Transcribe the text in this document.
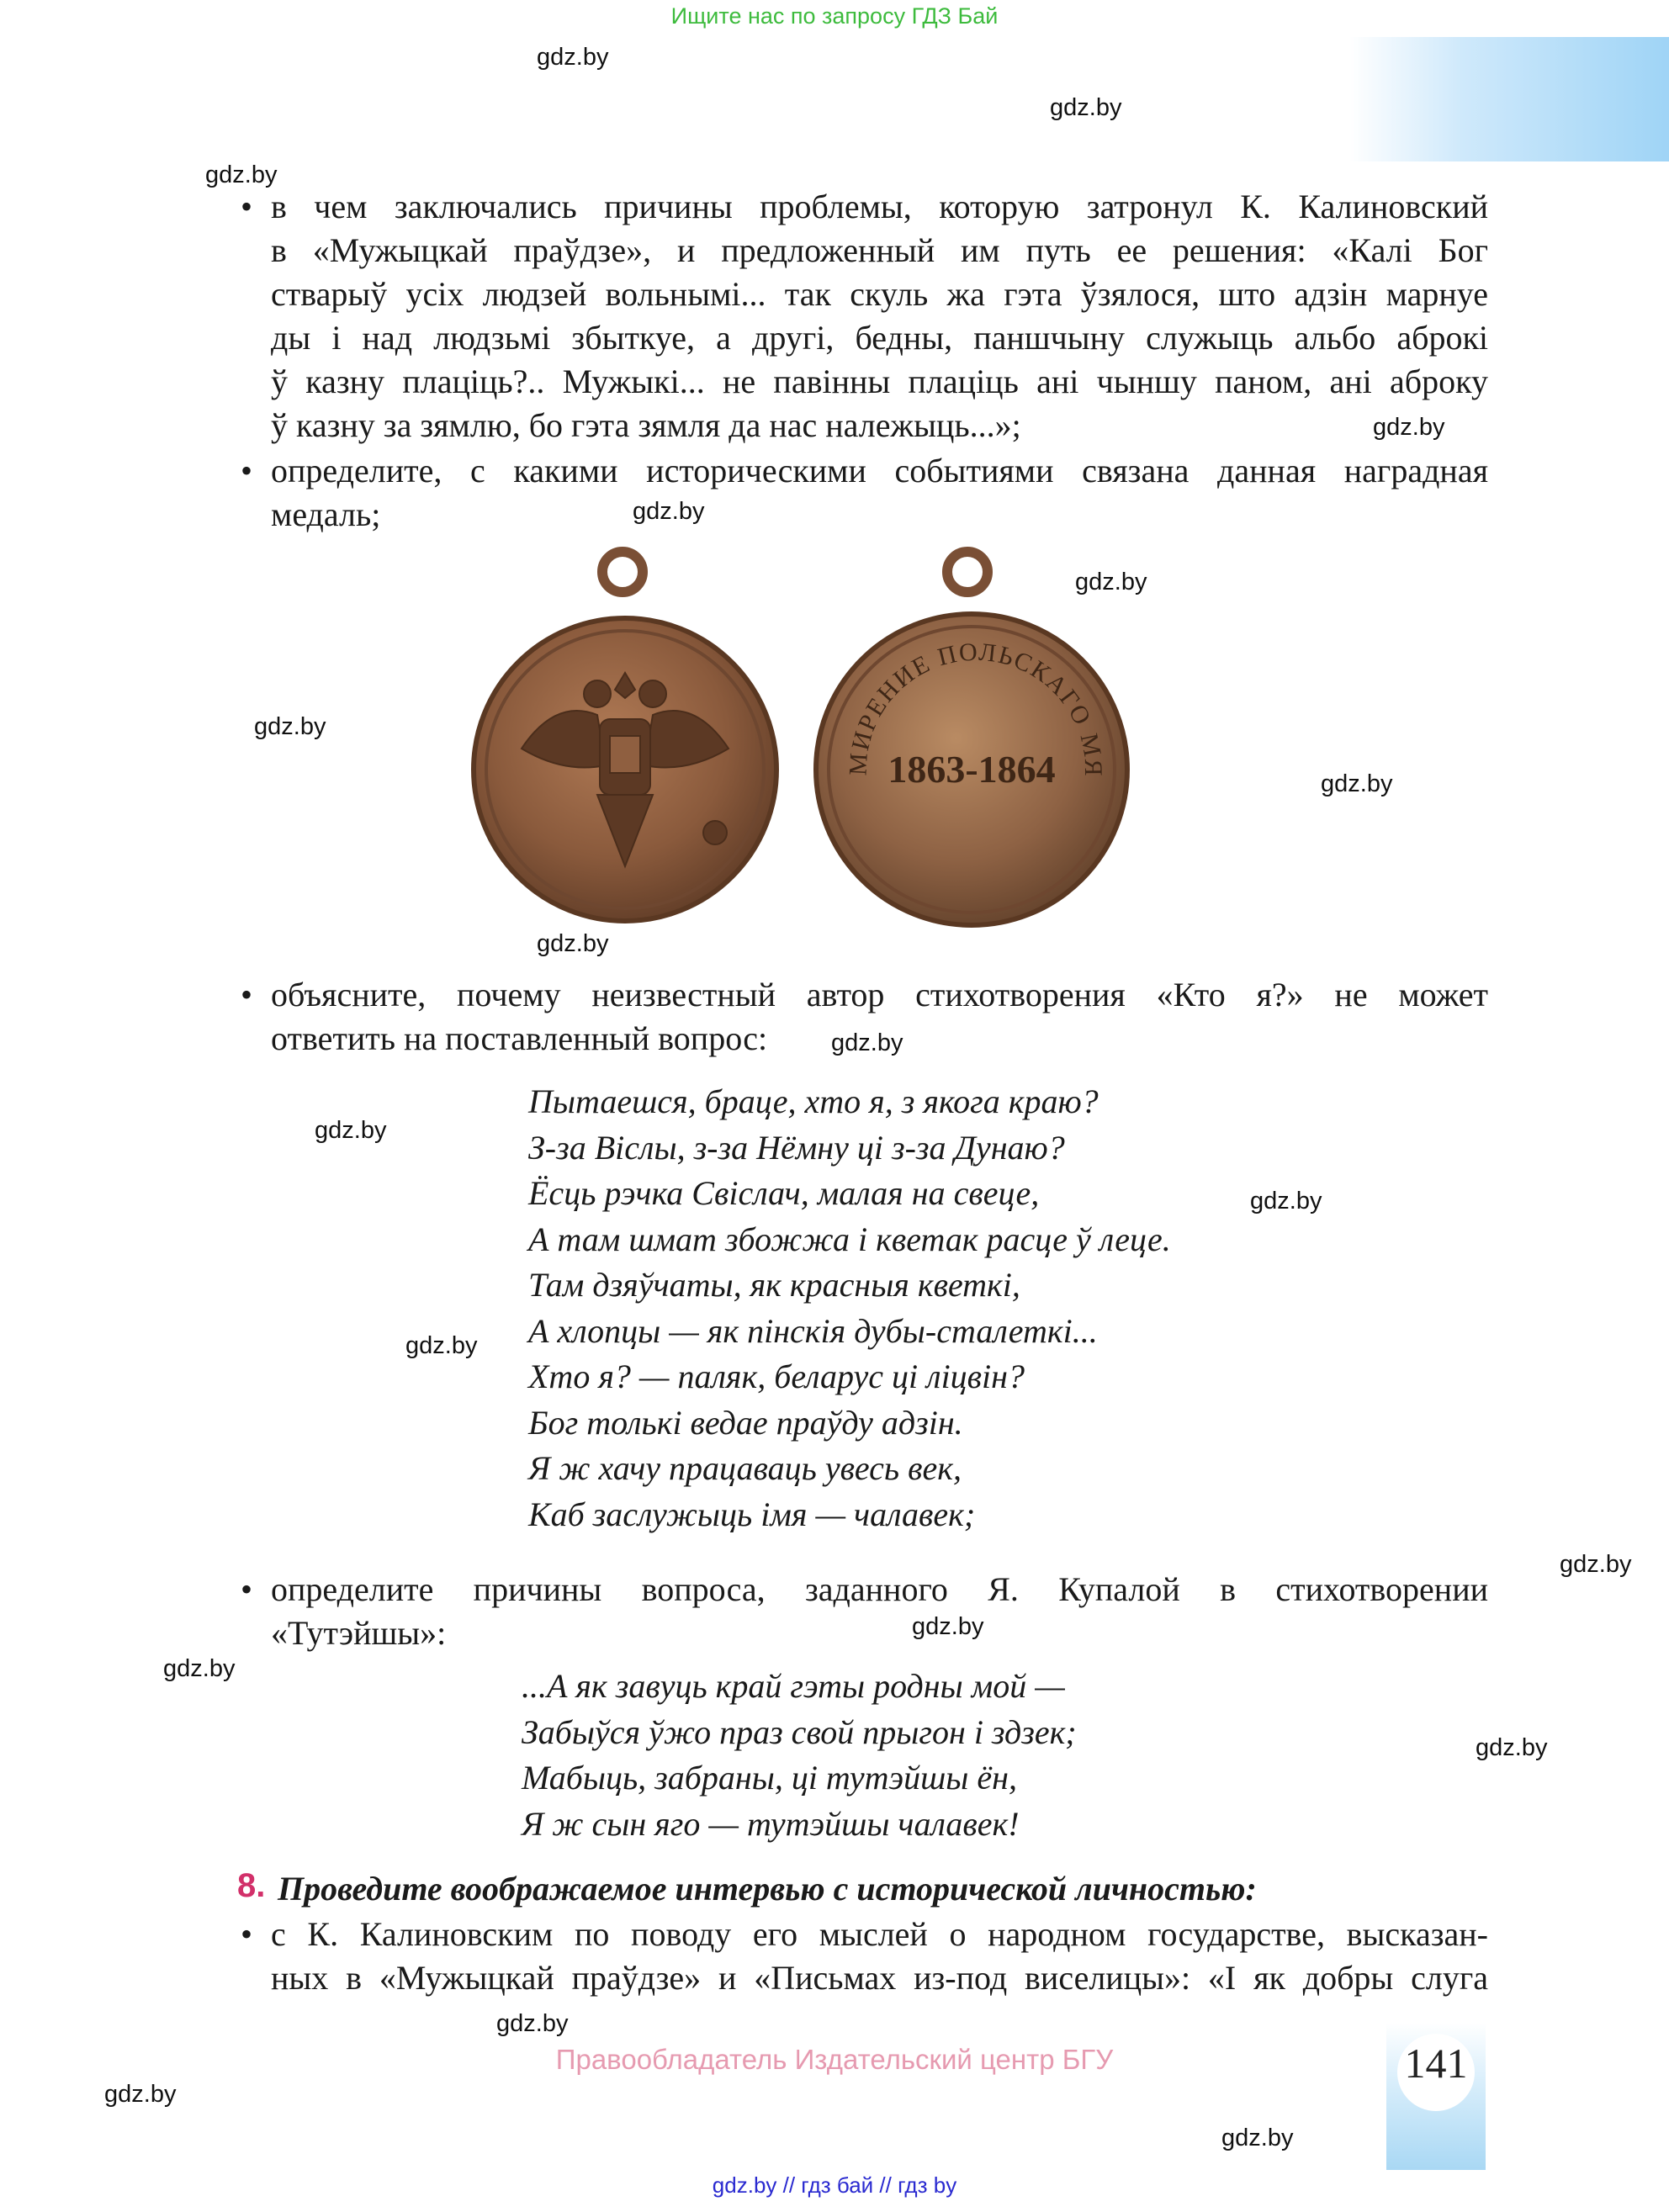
Ищите нас по запросу ГДЗ Бай
gdz.by
gdz.by
gdz.by
gdz.by
gdz.by
gdz.by
gdz.by
gdz.by
gdz.by
gdz.by
gdz.by
gdz.by
gdz.by
gdz.by
gdz.by
gdz.by
gdz.by
gdz.by
gdz.by
gdz.by
• в чем заключались причины проблемы, которую затронул К. Калиновский
в «Мужыцкай праўдзе», и предложенный им путь ее решения: «Калі Бог
стварыў усіх людзей вольнымі... так скуль жа гэта ўзялося, што адзін марнуе
ды і над людзьмі збыткуе, а другі, бедны, паншчыну служыць альбо аброкі
ў казну плаціць?.. Мужыкі... не павінны плаціць ані чыншу паном, ані аброку
ў казну за зямлю, бо гэта зямля да нас належыць...»;
• определите, с какими историческими событиями связана данная наградная
медаль;
МИРЕНИЕ ПОЛЬСКАГО МЯ
1863-1864
• объясните, почему неизвестный автор стихотворения «Кто я?» не может
ответить на поставленный вопрос:
Пытаешся, браце, хто я, з якога краю?
З-за Віслы, з-за Нёмну ці з-за Дунаю?
Ёсць рэчка Свіслач, малая на свеце,
А там шмат збожжа і кветак расце ў леце.
Там дзяўчаты, як красныя кветкі,
А хлопцы — як пінскія дубы-сталеткі...
Хто я? — паляк, беларус ці ліцвін?
Бог толькі ведае праўду адзін.
Я ж хачу працаваць увесь век,
Каб заслужыць імя — чалавек;
• определите причины вопроса, заданного Я. Купалой в стихотворении
«Тутэйшы»:
...А як завуць край гэты родны мой —
Забыўся ўжо праз свой прыгон і здзек;
Мабыць, забраны, ці тутэйшы ён,
Я ж сын яго — тутэйшы чалавек!
8. Проведите воображаемое интервью с исторической личностью:
• с К. Калиновским по поводу его мыслей о народном государстве, высказан-
ных в «Мужыцкай праўдзе» и «Письмах из-под виселицы»: «І як добры слуга
Правообладатель Издательский центр БГУ	141
gdz.by // гдз бай // гдз by
